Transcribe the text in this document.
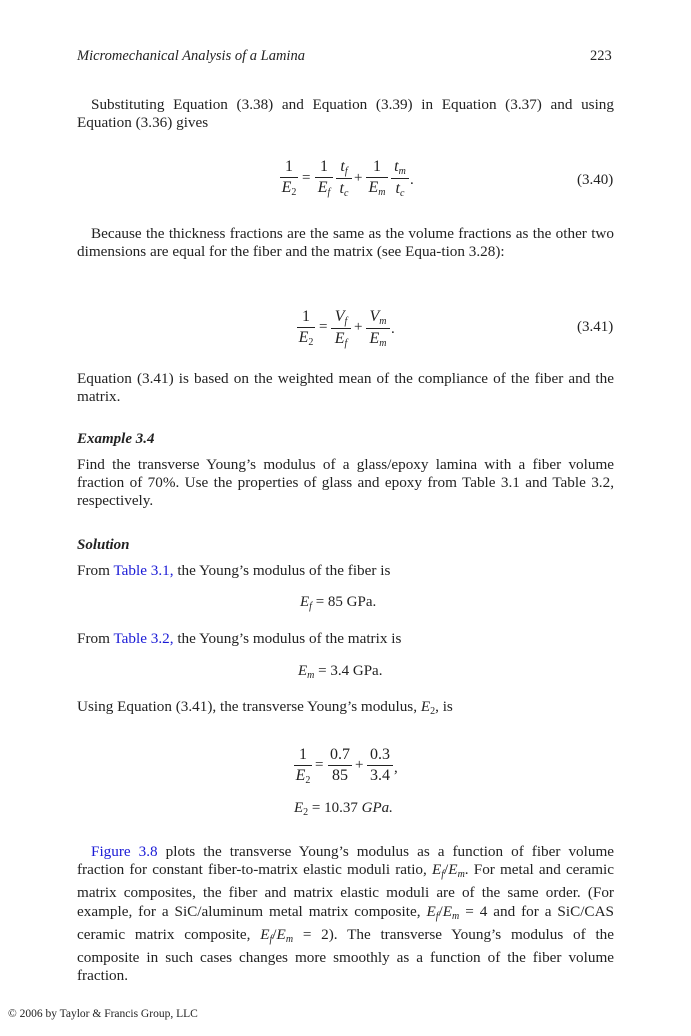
Micromechanical Analysis of a Lamina	223
Substituting Equation (3.38) and Equation (3.39) in Equation (3.37) and using Equation (3.36) gives
1
$E_2$
=
1
$E_f$
$t_f$
$t_c$
+
1
$E_m$
$t_m$
$t_c$
.	(3.40)
Because the thickness fractions are the same as the volume fractions as the other two dimensions are equal for the fiber and the matrix (see Equa-tion 3.28):
1
$E_2$
=
$V_f$
$E_f$
+
$V_m$
$E_m$
.	(3.41)
Equation (3.41) is based on the weighted mean of the compliance of the fiber and the matrix.
Example 3.4
Find the transverse Young’s modulus of a glass/epoxy lamina with a fiber volume fraction of 70%. Use the properties of glass and epoxy from Table 3.1 and Table 3.2, respectively.
Solution
From Table 3.1, the Young’s modulus of the fiber is
$E_f = 85$ GPa.
From Table 3.2, the Young’s modulus of the matrix is
$E_m = 3.4$ GPa.
Using Equation (3.41), the transverse Young’s modulus, $E_2$, is
1
$E_2$
=
0.7
85
+
0.3
3.4 ,
$E_2 = 10.37$ GPa.
Figure 3.8 plots the transverse Young’s modulus as a function of fiber volume fraction for constant fiber-to-matrix elastic moduli ratio, $E_f/E_m$. For metal and ceramic matrix composites, the fiber and matrix elastic moduli are of the same order. (For example, for a SiC/aluminum metal matrix composite, $E_f/E_m = 4$ and for a SiC/CAS ceramic matrix composite, $E_f/E_m = 2$). The transverse Young’s modulus of the composite in such cases changes more smoothly as a function of the fiber volume fraction.
© 2006 by Taylor & Francis Group, LLC
